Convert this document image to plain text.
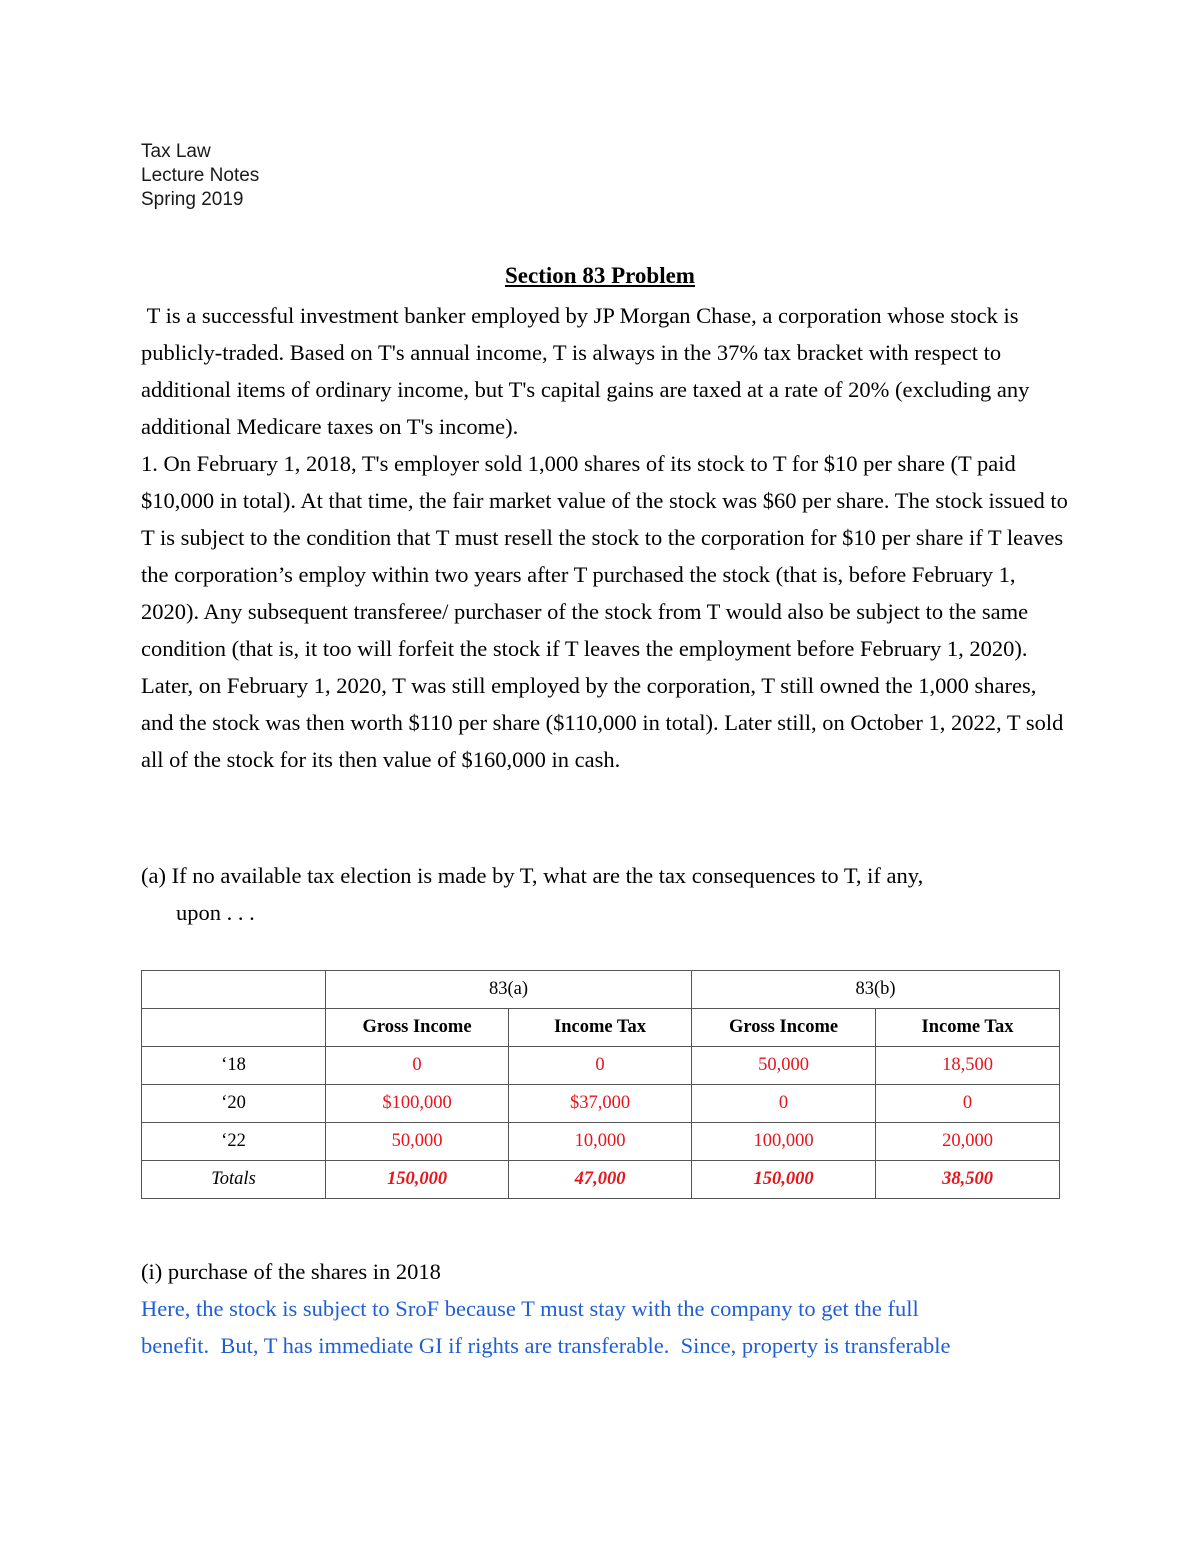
Tax Law
Lecture Notes
Spring 2019
Section 83 Problem

T is a successful investment banker employed by JP Morgan Chase, a corporation whose stock is publicly-traded. Based on T's annual income, T is always in the 37% tax bracket with respect to additional items of ordinary income, but T's capital gains are taxed at a rate of 20% (excluding any additional Medicare taxes on T's income).

1. On February 1, 2018, T's employer sold 1,000 shares of its stock to T for $10 per share (T paid $10,000 in total). At that time, the fair market value of the stock was $60 per share. The stock issued to T is subject to the condition that T must resell the stock to the corporation for $10 per share if T leaves the corporation’s employ within two years after T purchased the stock (that is, before February 1, 2020). Any subsequent transferee/ purchaser of the stock from T would also be subject to the same condition (that is, it too will forfeit the stock if T leaves the employment before February 1, 2020).

Later, on February 1, 2020, T was still employed by the corporation, T still owned the 1,000 shares, and the stock was then worth $110 per share ($110,000 in total). Later still, on October 1, 2022, T sold all of the stock for its then value of $160,000 in cash.

(a) If no available tax election is made by T, what are the tax consequences to T, if any,
upon . . .
	83(a)		83(b)	
	Gross Income	Income Tax	Gross Income	Income Tax
‘18	0	0	50,000	18,500
‘20	$100,000	$37,000	0	0
‘22	50,000	10,000	100,000	20,000
Totals	150,000	47,000	150,000	38,500
(i) purchase of the shares in 2018

Here, the stock is subject to SroF because T must stay with the company to get the full

benefit.  But, T has immediate GI if rights are transferable.  Since, property is transferable
